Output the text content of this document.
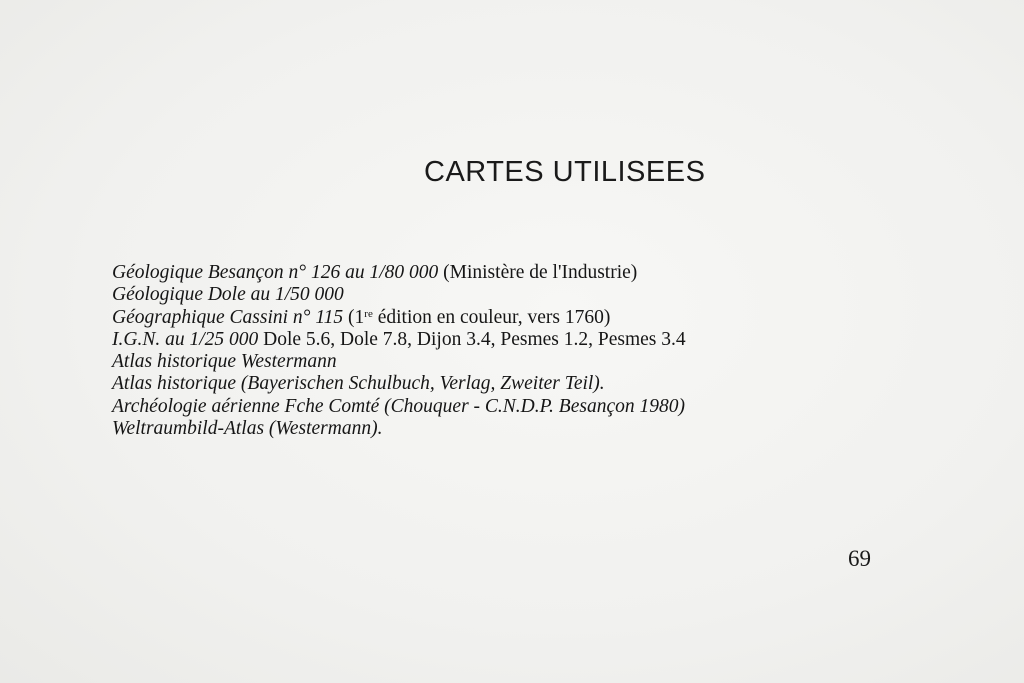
CARTES UTILISEES
Géologique Besançon n° 126 au 1/80 000 (Ministère de l'Industrie)
Géologique Dole au 1/50 000
Géographique Cassini n° 115 (1re édition en couleur, vers 1760)
I.G.N. au 1/25 000 Dole 5.6, Dole 7.8, Dijon 3.4, Pesmes 1.2, Pesmes 3.4
Atlas historique Westermann
Atlas historique (Bayerischen Schulbuch, Verlag, Zweiter Teil).
Archéologie aérienne Fche Comté (Chouquer - C.N.D.P. Besançon 1980)
Weltraumbild-Atlas (Westermann).
69
